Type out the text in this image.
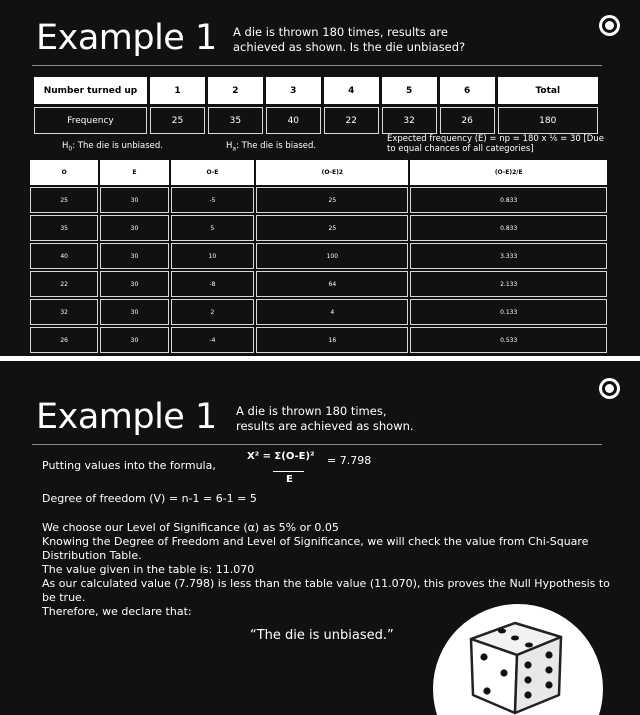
Example 1 A die is thrown 180 times, results are
achieved as shown. Is the die unbiased?
Number turned up	1	2	3	4	5	6	Total
Frequency	25	35	40	22	32	26	180
$H_0$: The die is unbiased.	$H_a$: The die is biased.
Expected frequency (E) = np = 180 x ⅙ = 30 [Due to equal chances of all categories]
O	E	O-E	(O-E)2	(O-E)2/E
25	30	-5	25	0.833
35	30	5	25	0.833
40	30	10	100	3.333
22	30	-8	64	2.133
32	30	2	4	0.133
26	30	-4	16	0.533
Example 1 A die is thrown 180 times,
results are achieved as shown.
Putting values into the formula,
X² = Σ(O-E)²
E
= 7.798
Degree of freedom (V) = n-1 = 6-1 = 5
We choose our Level of Significance (α) as 5% or 0.05
Knowing the Degree of Freedom and Level of Significance, we will check the value from Chi-Square
Distribution Table.
The value given in the table is: 11.070
As our calculated value (7.798) is less than the table value (11.070), this proves the Null Hypothesis to
be true.
Therefore, we declare that:
“The die is unbiased.”
